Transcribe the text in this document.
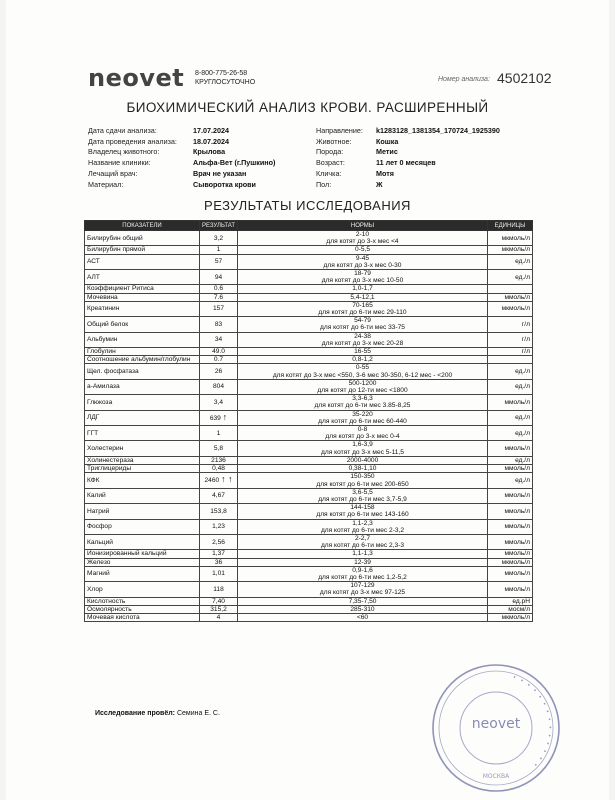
neovet 8-800-775-26-58
КРУГЛОСУТОЧНО	Номер анализа: 4502102
БИОХИМИЧЕСКИЙ АНАЛИЗ КРОВИ. РАСШИРЕННЫЙ
Дата сдачи анализа:	17.07.2024
Дата проведения анализа:	18.07.2024
Владелец животного:	Крылова
Название клиники:	Альфа-Вет (г.Пушкино)
Лечащий врач:	Врач не указан
Материал:	Сыворотка крови
Направление:	k1283128_1381354_170724_1925390
Животное:	Кошка
Порода:	Метис
Возраст:	11 лет 0 месяцев
Кличка:	Мотя
Пол:	Ж
РЕЗУЛЬТАТЫ ИССЛЕДОВАНИЯ
ПОКАЗАТЕЛИ	РЕЗУЛЬТАТ	НОРМЫ	ЕДИНИЦЫ
Билирубин общий	3,2	2-10
для котят до 3-х мес <4	мкмоль/л
Билирубин прямой	1	0-5,5	мкмоль/л
АСТ	57	9-45
для котят до 3-х мес 0-30	ед./л
АЛТ	94	18-79
для котят до 3-х мес 10-50	ед./л
Коэффициент Ритиса	0.6	1,0-1,7	

Мочевина	7.6	5,4-12,1	ммоль/л
Креатинин	157	70-165
для котят до 6-ти мес 29-110	мкмоль/л
Общий белок	83	54-79
для котят до 6-ти мес 33-75	г/л
Альбумин	34	24-38
для котят до 3-х мес 20-28	г/л
Глобулин	49.0	16-55	г/л
Соотношение альбумин/глобулин	0.7	0,8-1,2	

Щел. фосфатаза	26	0-55
для котят до 3-х мес <550, 3-6 мес 30-350, 6-12 мес - <200	ед./л
а-Амилаза	804	500-1200
для котят до 12-ти мес <1800	ед./л
Глюкоза	3,4	3,3-6,3
для котят до 6-ти мес 3.85-8,25	ммоль/л
ЛДГ	639 ↑	35-220
для котят до 6-ти мес 60-440	ед./л
ГГТ	1	0-8
для котят до 3-х мес 0-4	ед./л
Холестерин	5,8	1,6-3,9
для котят до 3-х мес 5-11,5	ммоль/л
Холинестераза	2136	2000-4000	ед./л
Триглицериды	0,48	0,38-1,10	ммоль/л
КФК	2460 ↑ ↑	150-350
для котят до 6-ти мес 200-650	ед./л
Калий	4,67	3,6-5,5
для котят до 6-ти мес 3,7-5,9	ммоль/л
Натрий	153,8	144-158
для котят до 6-ти мес 143-160	ммоль/л
Фосфор	1,23	1,1-2,3
для котят до 6-ти мес 2-3,2	ммоль/л
Кальций	2,56	2-2,7
для котят до 6-ти мес 2,3-3	ммоль/л
Ионизированный кальций	1,37	1,1-1,3	ммоль/л
Железо	36	12-39	мкмоль/л
Магний	1,01	0,9-1,6
для котят до 6-ти мес 1,2-5,2	ммоль/л
Хлор	118	107-129
для котят до 3-х мес 97-125	ммоль/л
Кислотность	7,40	7,35-7,50	ед.рН
Осмолярность	315,2	285-310	мосм/л
Мочевая кислота	4	<60	мкмоль/л
Исследование провёл: Семина Е. С.
• • • • • • • • • • • • • •
neovet
МОСКВА
